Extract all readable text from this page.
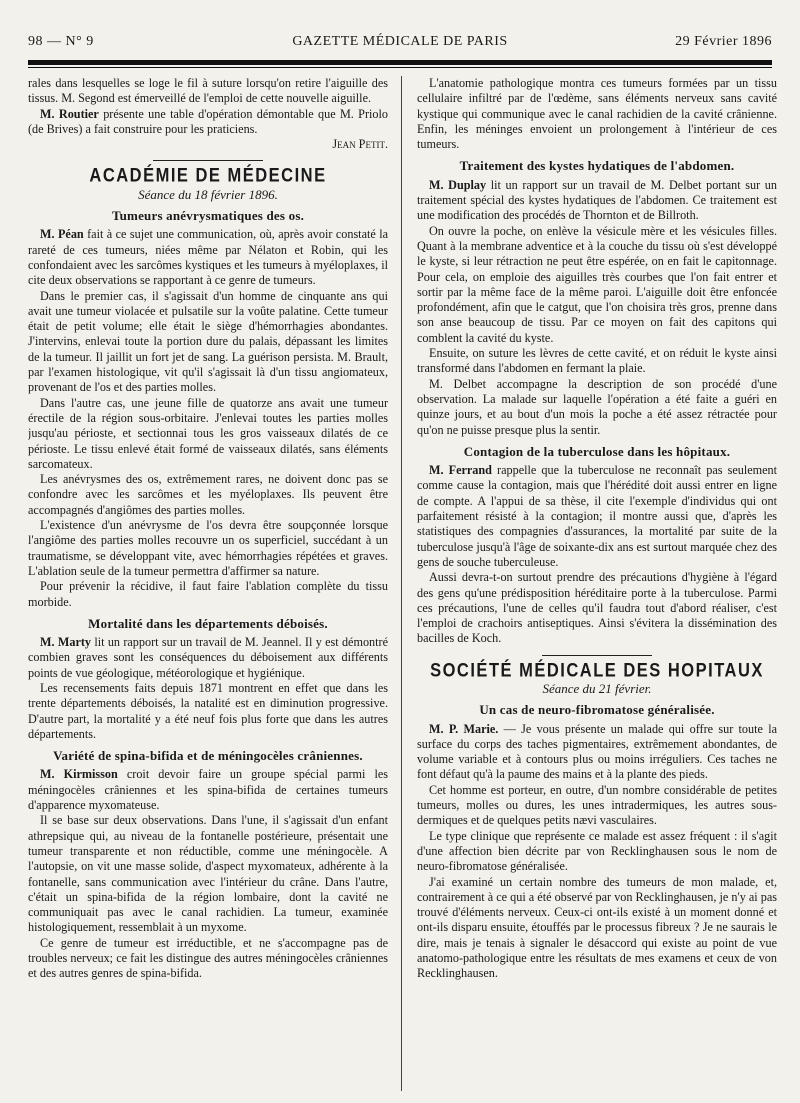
98 — N° 9	GAZETTE MÉDICALE DE PARIS	29 Février 1896

rales dans lesquelles se loge le fil à suture lorsqu'on retire l'aiguille des tissus. M. Segond est émerveillé de l'emploi de cette nouvelle aiguille.

M. Routier présente une table d'opération démontable que M. Priolo (de Brives) a fait construire pour les praticiens.

Jean Petit.

ACADÉMIE DE MÉDECINE
Séance du 18 février 1896.
Tumeurs anévrysmatiques des os.

M. Péan fait à ce sujet une communication, où, après avoir constaté la rareté de ces tumeurs, niées même par Nélaton et Robin, qui les confondaient avec les sarcômes kystiques et les tumeurs à myéloplaxes, il cite deux observations se rapportant à ce genre de tumeurs.

Dans le premier cas, il s'agissait d'un homme de cinquante ans qui avait une tumeur violacée et pulsatile sur la voûte palatine. Cette tumeur était de petit volume; elle était le siège d'hémorrhagies abondantes. J'intervins, enlevai toute la portion dure du palais, dépassant les limites de la tumeur. Il jaillit un fort jet de sang. La guérison persista. M. Brault, par l'examen histologique, vit qu'il s'agissait là d'un tissu angiomateux, provenant de l'os et des parties molles.

Dans l'autre cas, une jeune fille de quatorze ans avait une tumeur érectile de la région sous-orbitaire. J'enlevai toutes les parties molles jusqu'au périoste, et sectionnai tous les gros vaisseaux dilatés de ce périoste. Le tissu enlevé était formé de vaisseaux dilatés, sans éléments sarcomateux.

Les anévrysmes des os, extrêmement rares, ne doivent donc pas se confondre avec les sarcômes et les myéloplaxes. Ils peuvent être accompagnés d'angiômes des parties molles.

L'existence d'un anévrysme de l'os devra être soupçonnée lorsque l'angiôme des parties molles recouvre un os superficiel, succédant à un traumatisme, se développant vite, avec hémorrhagies répétées et graves. L'ablation seule de la tumeur permettra d'affirmer sa nature.

Pour prévenir la récidive, il faut faire l'ablation complète du tissu morbide.

Mortalité dans les départements déboisés.

M. Marty lit un rapport sur un travail de M. Jeannel. Il y est démontré combien graves sont les conséquences du déboisement aux différents points de vue géologique, météorologique et hygiénique.

Les recensements faits depuis 1871 montrent en effet que dans les trente départements déboisés, la natalité est en diminution progressive. D'autre part, la mortalité y a été neuf fois plus forte que dans les autres départements.

Variété de spina-bifida et de méningocèles crâniennes.

M. Kirmisson croit devoir faire un groupe spécial parmi les méningocèles crâniennes et les spina-bifida de certaines tumeurs d'apparence myxomateuse.

Il se base sur deux observations. Dans l'une, il s'agissait d'un enfant athrepsique qui, au niveau de la fontanelle postérieure, présentait une tumeur transparente et non réductible, comme une méningocèle. A l'autopsie, on vit une masse solide, d'aspect myxomateux, adhérente à la fontanelle, sans communication avec l'intérieur du crâne. Dans l'autre, c'était un spina-bifida de la région lombaire, dont la cavité ne communiquait pas avec le canal rachidien. La tumeur, examinée histologiquement, ressemblait à un myxome.

Ce genre de tumeur est irréductible, et ne s'accompagne pas de troubles nerveux; ce fait les distingue des autres méningocèles crâniennes et des autres genres de spina-bifida.

L'anatomie pathologique montra ces tumeurs formées par un tissu cellulaire infiltré par de l'œdème, sans éléments nerveux sans cavité kystique qui communique avec le canal rachidien de la cavité crânienne. Enfin, les méninges envoient un prolongement à l'intérieur de ces tumeurs.

Traitement des kystes hydatiques de l'abdomen.

M. Duplay lit un rapport sur un travail de M. Delbet portant sur un traitement spécial des kystes hydatiques de l'abdomen. Ce traitement est une modification des procédés de Thornton et de Billroth.

On ouvre la poche, on enlève la vésicule mère et les vésicules filles. Quant à la membrane adventice et à la couche du tissu où s'est développé le kyste, si leur rétraction ne peut être espérée, on en fait le capitonnage. Pour cela, on emploie des aiguilles très courbes que l'on fait entrer et sortir par la même face de la même paroi. L'aiguille doit être enfoncée profondément, afin que le catgut, que l'on choisira très gros, prenne dans son anse beaucoup de tissu. Par ce moyen on fait des capitons qui comblent la cavité du kyste.

Ensuite, on suture les lèvres de cette cavité, et on réduit le kyste ainsi transformé dans l'abdomen en fermant la plaie.

M. Delbet accompagne la description de son procédé d'une observation. La malade sur laquelle l'opération a été faite a guéri en quinze jours, et au bout d'un mois la poche a été assez rétractée pour qu'on ne puisse presque plus la sentir.

Contagion de la tuberculose dans les hôpitaux.

M. Ferrand rappelle que la tuberculose ne reconnaît pas seulement comme cause la contagion, mais que l'hérédité doit aussi entrer en ligne de compte. A l'appui de sa thèse, il cite l'exemple d'individus qui ont parfaitement résisté à la contagion; il montre aussi que, d'après les statistiques des compagnies d'assurances, la mortalité par suite de la tuberculose jusqu'à l'âge de soixante-dix ans est surtout marquée chez des gens de souche tuberculeuse.

Aussi devra-t-on surtout prendre des précautions d'hygiène à l'égard des gens qu'une prédisposition héréditaire porte à la tuberculose. Parmi ces précautions, l'une de celles qu'il faudra tout d'abord réaliser, c'est l'emploi de crachoirs antiseptiques. Ainsi s'évitera la dissémination des bacilles de Koch.

SOCIÉTÉ MÉDICALE DES HOPITAUX
Séance du 21 février.
Un cas de neuro-fibromatose généralisée.

M. P. Marie. — Je vous présente un malade qui offre sur toute la surface du corps des taches pigmentaires, extrêmement abondantes, de volume variable et à contours plus ou moins irréguliers. Ces taches ne font défaut qu'à la paume des mains et à la plante des pieds.

Cet homme est porteur, en outre, d'un nombre considérable de petites tumeurs, molles ou dures, les unes intradermiques, les autres sous-dermiques et de quelques petits nævi vasculaires.

Le type clinique que représente ce malade est assez fréquent : il s'agit d'une affection bien décrite par von Recklinghausen sous le nom de neuro-fibromatose généralisée.

J'ai examiné un certain nombre des tumeurs de mon malade, et, contrairement à ce qui a été observé par von Recklinghausen, je n'y ai pas trouvé d'éléments nerveux. Ceux-ci ont-ils existé à un moment donné et ont-ils disparu ensuite, étouffés par le processus fibreux ? Je ne saurais le dire, mais je tenais à signaler le désaccord qui existe au point de vue anatomo-pathologique entre les résultats de mes examens et ceux de von Recklinghausen.
